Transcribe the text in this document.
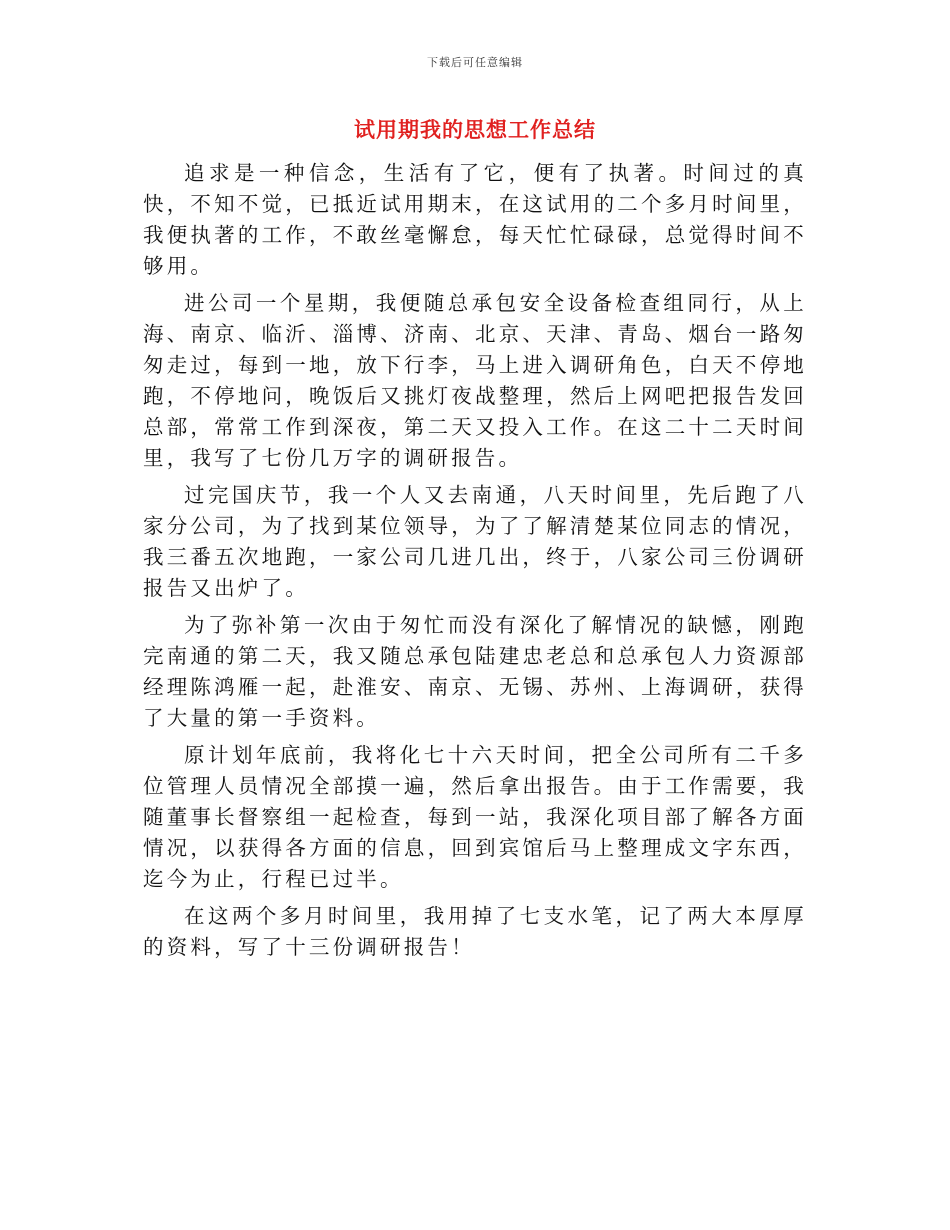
下载后可任意编辑
试用期我的思想工作总结

追求是一种信念，生活有了它，便有了执著。时间过的真快，不知不觉，已抵近试用期末，在这试用的二个多月时间里，我便执著的工作，不敢丝毫懈怠，每天忙忙碌碌，总觉得时间不够用。

进公司一个星期，我便随总承包安全设备检查组同行，从上海、南京、临沂、淄博、济南、北京、天津、青岛、烟台一路匆匆走过，每到一地，放下行李，马上进入调研角色，白天不停地跑，不停地问，晚饭后又挑灯夜战整理，然后上网吧把报告发回总部，常常工作到深夜，第二天又投入工作。在这二十二天时间里，我写了七份几万字的调研报告。

过完国庆节，我一个人又去南通，八天时间里，先后跑了八家分公司，为了找到某位领导，为了了解清楚某位同志的情况，我三番五次地跑，一家公司几进几出，终于，八家公司三份调研报告又出炉了。

为了弥补第一次由于匆忙而没有深化了解情况的缺憾，刚跑完南通的第二天，我又随总承包陆建忠老总和总承包人力资源部经理陈鸿雁一起，赴淮安、南京、无锡、苏州、上海调研，获得了大量的第一手资料。

原计划年底前，我将化七十六天时间，把全公司所有二千多位管理人员情况全部摸一遍，然后拿出报告。由于工作需要，我随董事长督察组一起检查，每到一站，我深化项目部了解各方面情况，以获得各方面的信息，回到宾馆后马上整理成文字东西，迄今为止，行程已过半。

在这两个多月时间里，我用掉了七支水笔，记了两大本厚厚的资料，写了十三份调研报告！
